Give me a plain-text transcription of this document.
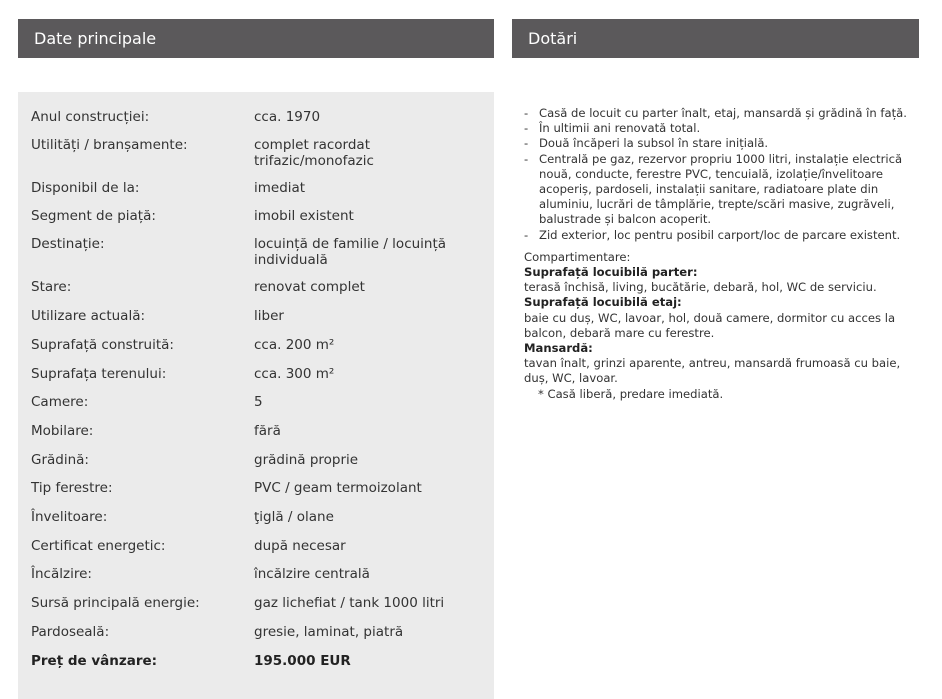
Date principale	Dotări
Anul construcției:	cca. 1970
Utilități / branșamente:	complet racordat trifazic/monofazic
Disponibil de la:	imediat
Segment de piață:	imobil existent
Destinație:	locuință de familie / locuință individuală
Stare:	renovat complet
Utilizare actuală:	liber
Suprafață construită:	cca. 200 m²
Suprafața terenului:	cca. 300 m²
Camere:	5
Mobilare:	fără
Grădină:	grădină proprie
Tip ferestre:	PVC / geam termoizolant
Învelitoare:	ţiglă / olane
Certificat energetic:	după necesar
Încălzire:	încălzire centrală
Sursă principală energie:	gaz lichefiat / tank 1000 litri
Pardoseală:	gresie, laminat, piatră
Preț de vânzare:	195.000 EUR
- Casă de locuit cu parter înalt, etaj, mansardă și grădină în față.
- În ultimii ani renovată total.
- Două încăperi la subsol în stare inițială.
- Centrală pe gaz, rezervor propriu 1000 litri, instalație electrică nouă, conducte, ferestre PVC, tencuială, izolație/învelitoare acoperiș, pardoseli, instalații sanitare, radiatoare plate din aluminiu, lucrări de tâmplărie, trepte/scări masive, zugrăveli, balustrade și balcon acoperit.
- Zid exterior, loc pentru posibil carport/loc de parcare existent.
Compartimentare:
Suprafață locuibilă parter:
terasă închisă, living, bucătărie, debară, hol, WC de serviciu.
Suprafață locuibilă etaj:
baie cu duș, WC, lavoar, hol, două camere, dormitor cu acces la balcon, debară mare cu ferestre.
Mansardă:
tavan înalt, grinzi aparente, antreu, mansardă frumoasă cu baie, duș, WC, lavoar.
* Casă liberă, predare imediată.
